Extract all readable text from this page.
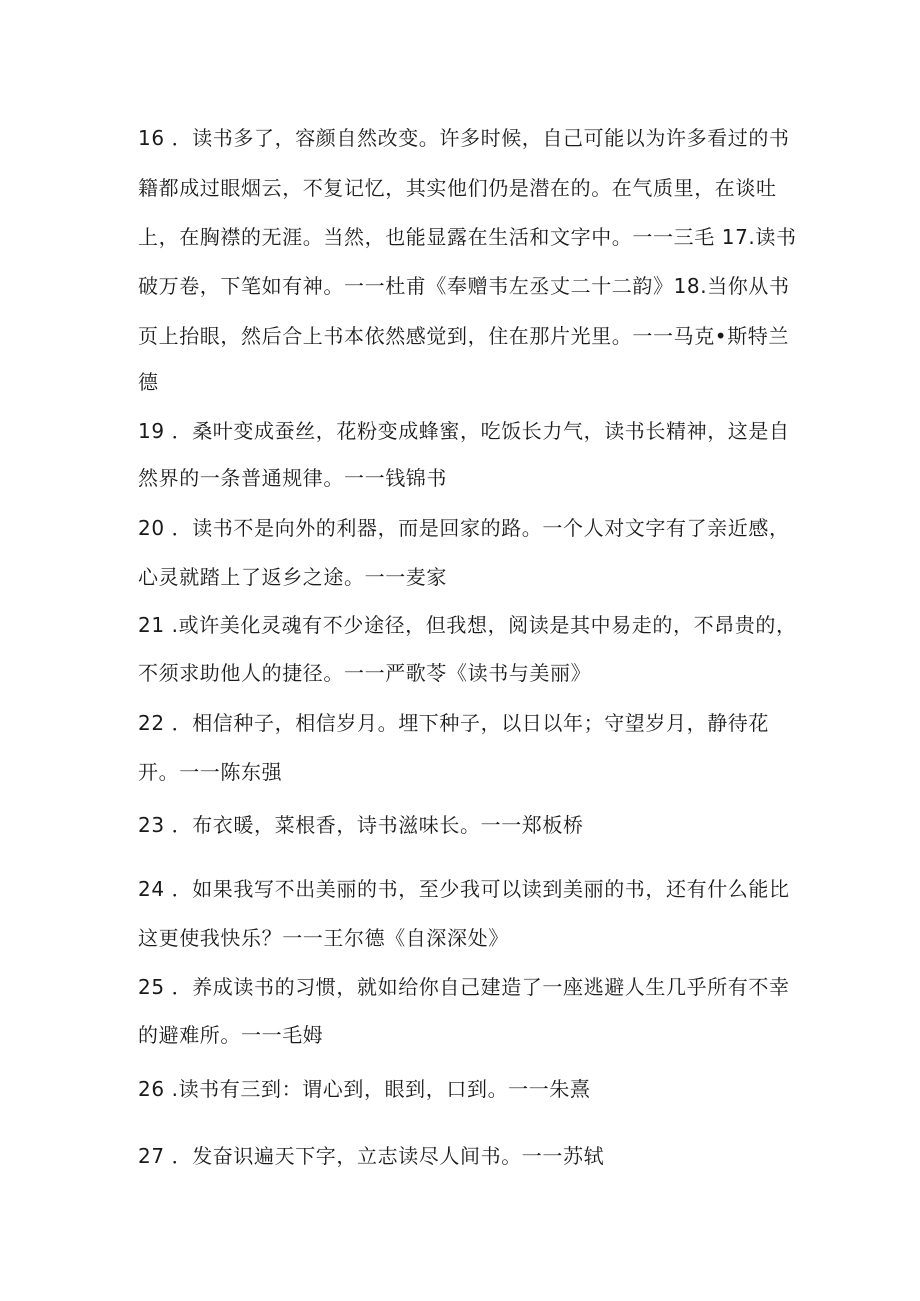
16 ．读书多了，容颜自然改变。许多时候，自己可能以为许多看过的书
籍都成过眼烟云，不复记忆，其实他们仍是潜在的。在气质里，在谈吐
上，在胸襟的无涯。当然，也能显露在生活和文字中。一一三毛 17.读书
破万卷，下笔如有神。一一杜甫《奉赠韦左丞丈二十二韵》18.当你从书
页上抬眼，然后合上书本依然感觉到，住在那片光里。一一马克•斯特兰
德
19 ．桑叶变成蚕丝，花粉变成蜂蜜，吃饭长力气，读书长精神，这是自
然界的一条普通规律。一一钱锦书
20 ．读书不是向外的利器，而是回家的路。一个人对文字有了亲近感，
心灵就踏上了返乡之途。一一麦家
21 .或许美化灵魂有不少途径，但我想，阅读是其中易走的，不昂贵的，
不须求助他人的捷径。一一严歌苓《读书与美丽》
22 ．相信种子，相信岁月。埋下种子，以日以年；守望岁月，静待花
开。一一陈东强
23 ．布衣暖，菜根香，诗书滋味长。一一郑板桥
24 ．如果我写不出美丽的书，至少我可以读到美丽的书，还有什么能比
这更使我快乐？一一王尔德《自深深处》
25 ．养成读书的习惯，就如给你自己建造了一座逃避人生几乎所有不幸
的避难所。一一毛姆
26 .读书有三到：谓心到，眼到，口到。一一朱熹
27 ．发奋识遍天下字，立志读尽人间书。一一苏轼
